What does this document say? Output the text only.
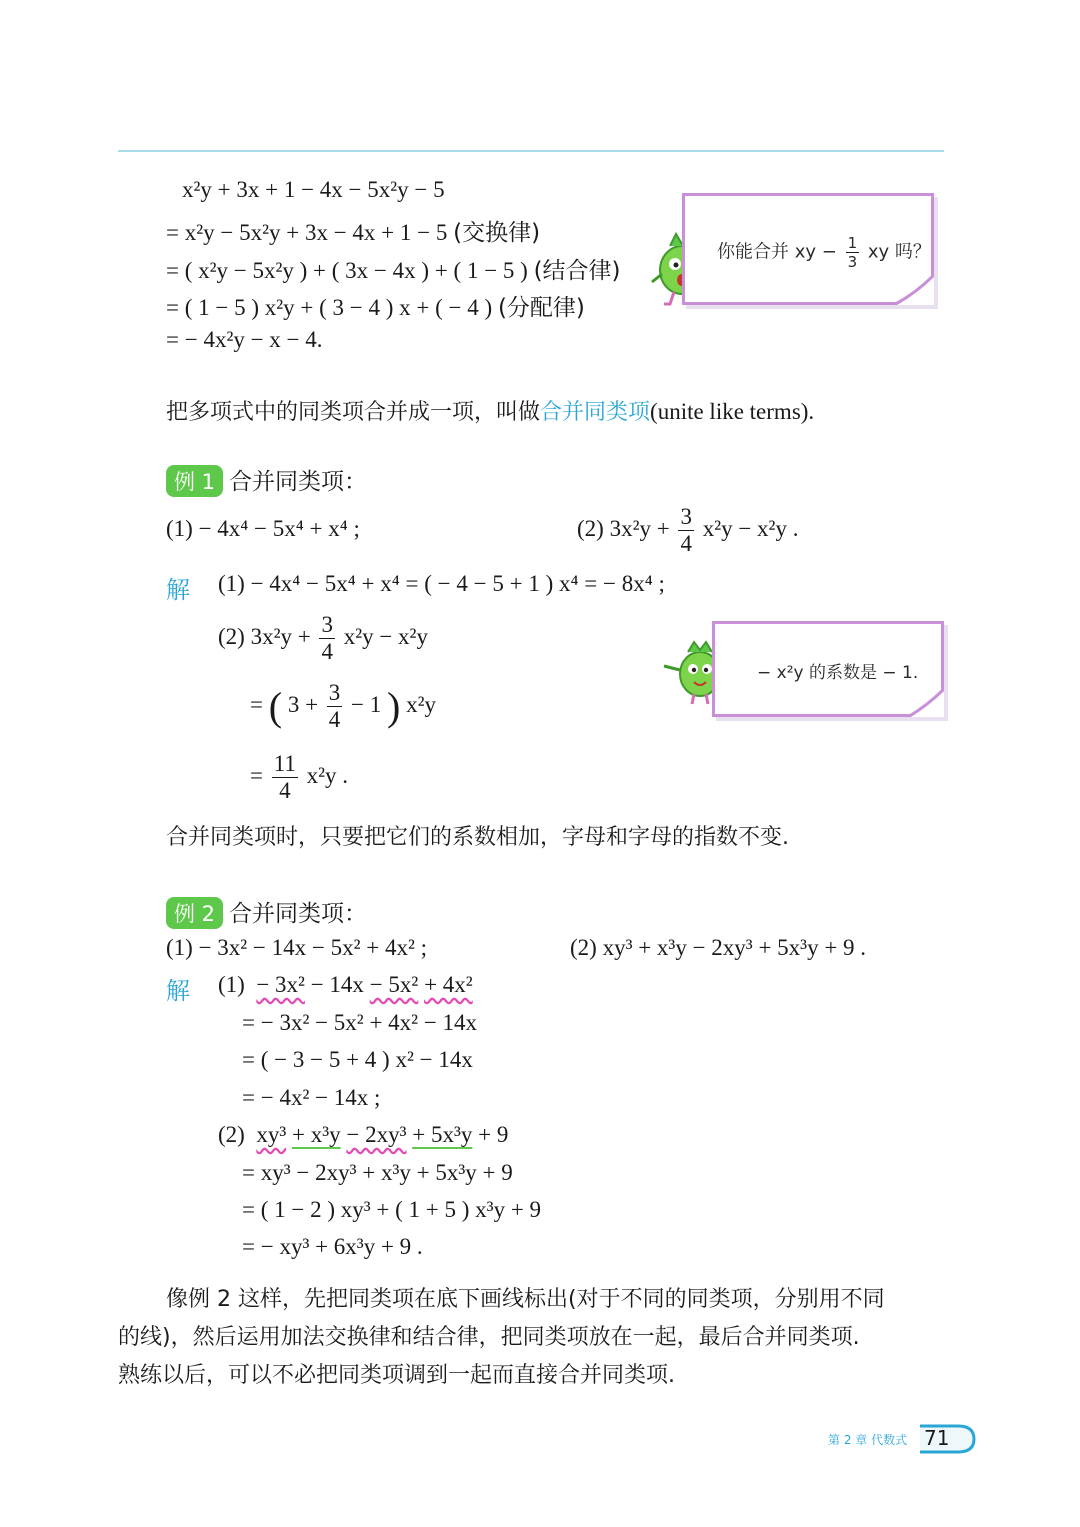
x²y + 3x + 1 − 4x − 5x²y − 5
= x²y − 5x²y + 3x − 4x + 1 − 5 (交换律)
= ( x²y − 5x²y ) + ( 3x − 4x ) + ( 1 − 5 ) (结合律)
= ( 1 − 5 ) x²y + ( 3 − 4 ) x + ( − 4 ) (分配律)
= − 4x²y − x − 4.
你能合并 xy − $\frac{1}{3}$ xy 吗？
把多项式中的同类项合并成一项，叫做合并同类项(unite like terms).
例 1 合并同类项：
(1) − 4x⁴ − 5x⁴ + x⁴ ;	(2) $3x^2y + \frac{3}{4} x^2y - x^2y$ .
解 (1) − 4x⁴ − 5x⁴ + x⁴ = ( − 4 − 5 + 1 ) x⁴ = − 8x⁴ ;
(2) $3x^2y + \frac{3}{4} x^2y - x^2y$
= ( $3 + \frac{3}{4} - 1$ ) x²y
= $\frac{11}{4} x^2y$ .
− x²y 的系数是 − 1.
合并同类项时，只要把它们的系数相加，字母和字母的指数不变.
例 2 合并同类项：
(1) − 3x² − 14x − 5x² + 4x² ;	(2) xy³ + x³y − 2xy³ + 5x³y + 9 .
解 (1) − 3x² − 14x − 5x² + 4x²
= − 3x² − 5x² + 4x² − 14x
= ( − 3 − 5 + 4 ) x² − 14x
= − 4x² − 14x ;
(2) xy³ + x³y − 2xy³ + 5x³y + 9
= xy³ − 2xy³ + x³y + 5x³y + 9
= ( 1 − 2 ) xy³ + ( 1 + 5 ) x³y + 9
= − xy³ + 6x³y + 9 .
像例 2 这样，先把同类项在底下画线标出(对于不同的同类项，分别用不同
的线)，然后运用加法交换律和结合律，把同类项放在一起，最后合并同类项.
熟练以后，可以不必把同类项调到一起而直接合并同类项.
第 2 章 代数式 71
